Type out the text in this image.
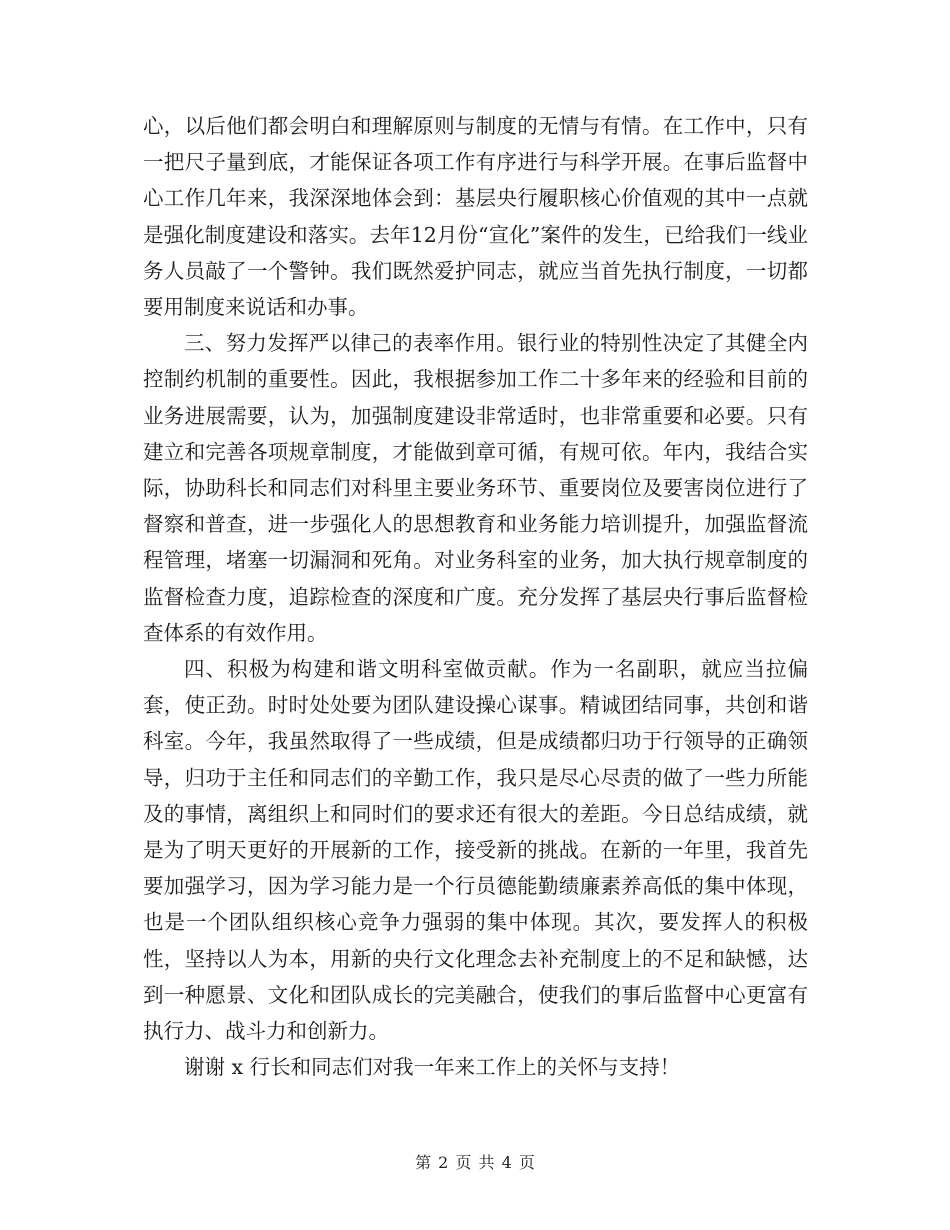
心，以后他们都会明白和理解原则与制度的无情与有情。在工作中，只有一把尺子量到底，才能保证各项工作有序进行与科学开展。在事后监督中心工作几年来，我深深地体会到：基层央行履职核心价值观的其中一点就是强化制度建设和落实。去年12月份“宣化”案件的发生，已给我们一线业务人员敲了一个警钟。我们既然爱护同志，就应当首先执行制度，一切都要用制度来说话和办事。

三、努力发挥严以律己的表率作用。银行业的特别性决定了其健全内控制约机制的重要性。因此，我根据参加工作二十多年来的经验和目前的业务进展需要，认为，加强制度建设非常适时，也非常重要和必要。只有建立和完善各项规章制度，才能做到章可循，有规可依。年内，我结合实际，协助科长和同志们对科里主要业务环节、重要岗位及要害岗位进行了督察和普查，进一步强化人的思想教育和业务能力培训提升，加强监督流程管理，堵塞一切漏洞和死角。对业务科室的业务，加大执行规章制度的监督检查力度，追踪检查的深度和广度。充分发挥了基层央行事后监督检查体系的有效作用。

四、积极为构建和谐文明科室做贡献。作为一名副职，就应当拉偏套，使正劲。时时处处要为团队建设操心谋事。精诚团结同事，共创和谐科室。今年，我虽然取得了一些成绩，但是成绩都归功于行领导的正确领导，归功于主任和同志们的辛勤工作，我只是尽心尽责的做了一些力所能及的事情，离组织上和同时们的要求还有很大的差距。今日总结成绩，就是为了明天更好的开展新的工作，接受新的挑战。在新的一年里，我首先要加强学习，因为学习能力是一个行员德能勤绩廉素养高低的集中体现，也是一个团队组织核心竞争力强弱的集中体现。其次，要发挥人的积极性，坚持以人为本，用新的央行文化理念去补充制度上的不足和缺憾，达到一种愿景、文化和团队成长的完美融合，使我们的事后监督中心更富有执行力、战斗力和创新力。

谢谢 x 行长和同志们对我一年来工作上的关怀与支持！

第 2 页 共 4 页
